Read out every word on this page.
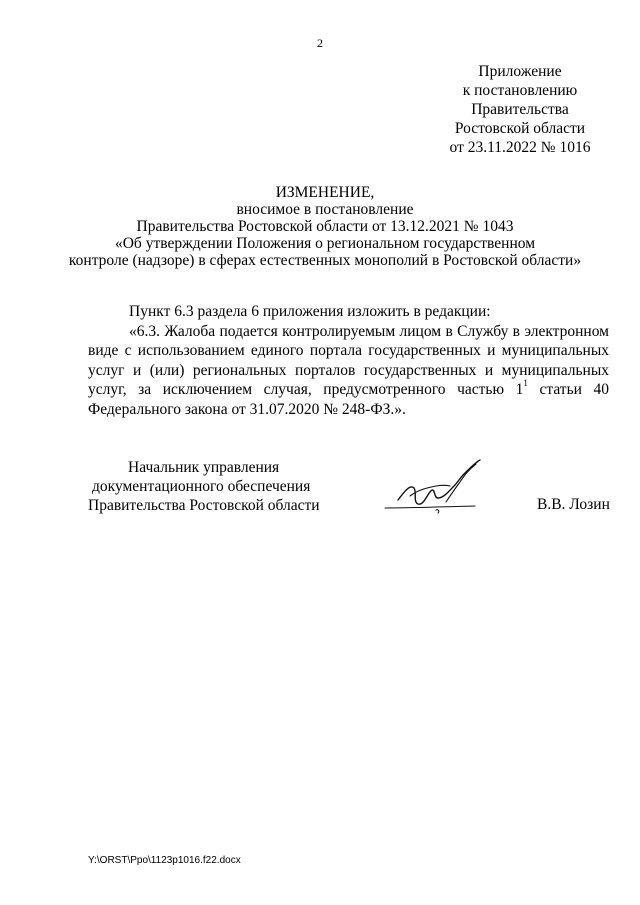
2
Приложение
к постановлению
Правительства
Ростовской области
от 23.11.2022 № 1016
ИЗМЕНЕНИЕ,
вносимое в постановление
Правительства Ростовской области от 13.12.2021 № 1043
«Об утверждении Положения о региональном государственном
контроле (надзоре) в сферах естественных монополий в Ростовской области»
Пункт 6.3 раздела 6 приложения изложить в редакции:
«6.3. Жалоба подается контролируемым лицом в Службу в электронном
виде с использованием единого портала государственных и муниципальных
услуг и (или) региональных порталов государственных и муниципальных
услуг, за исключением случая, предусмотренного частью $1^1$ статьи 40
Федерального закона от 31.07.2020 № 248-ФЗ.».
Начальник управления
документационного обеспечения
Правительства Ростовской области	В.В. Лозин
Y:\ORST\Ppo\1123p1016.f22.docx
